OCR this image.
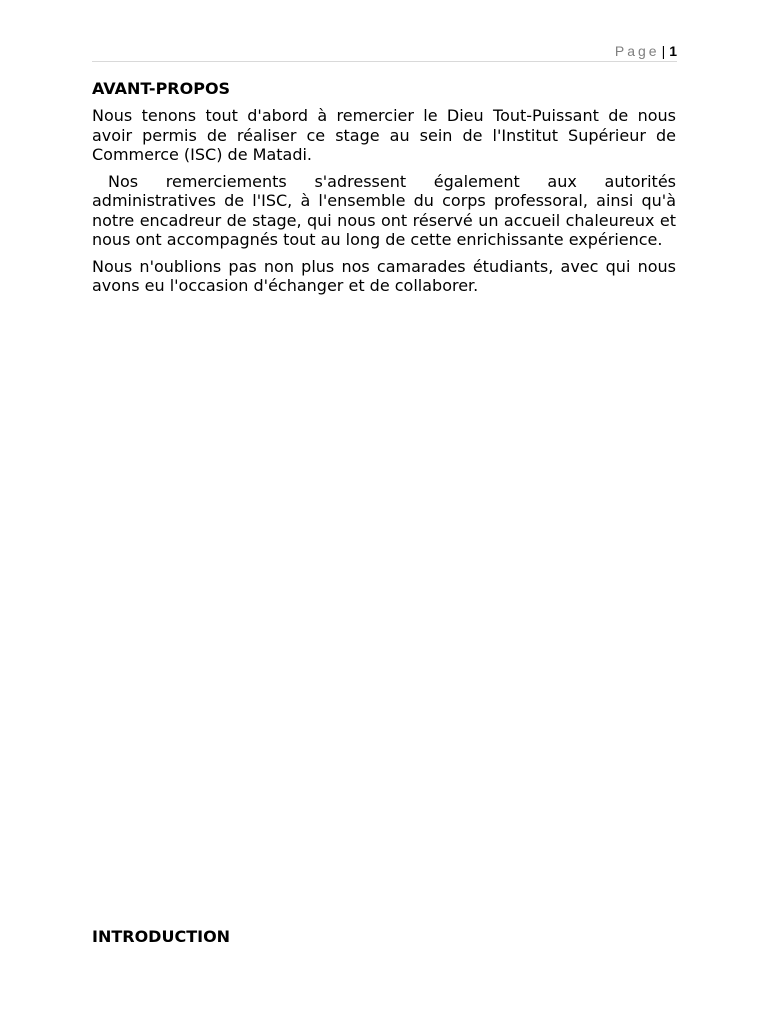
Page | 1
AVANT-PROPOS

Nous tenons tout d'abord à remercier le Dieu Tout-Puissant de nous avoir permis de réaliser ce stage au sein de l'Institut Supérieur de Commerce (ISC) de Matadi.

Nos remerciements s'adressent également aux autorités administratives de l'ISC, à l'ensemble du corps professoral, ainsi qu'à notre encadreur de stage, qui nous ont réservé un accueil chaleureux et nous ont accompagnés tout au long de cette enrichissante expérience.

Nous n'oublions pas non plus nos camarades étudiants, avec qui nous avons eu l'occasion d'échanger et de collaborer.

INTRODUCTION
